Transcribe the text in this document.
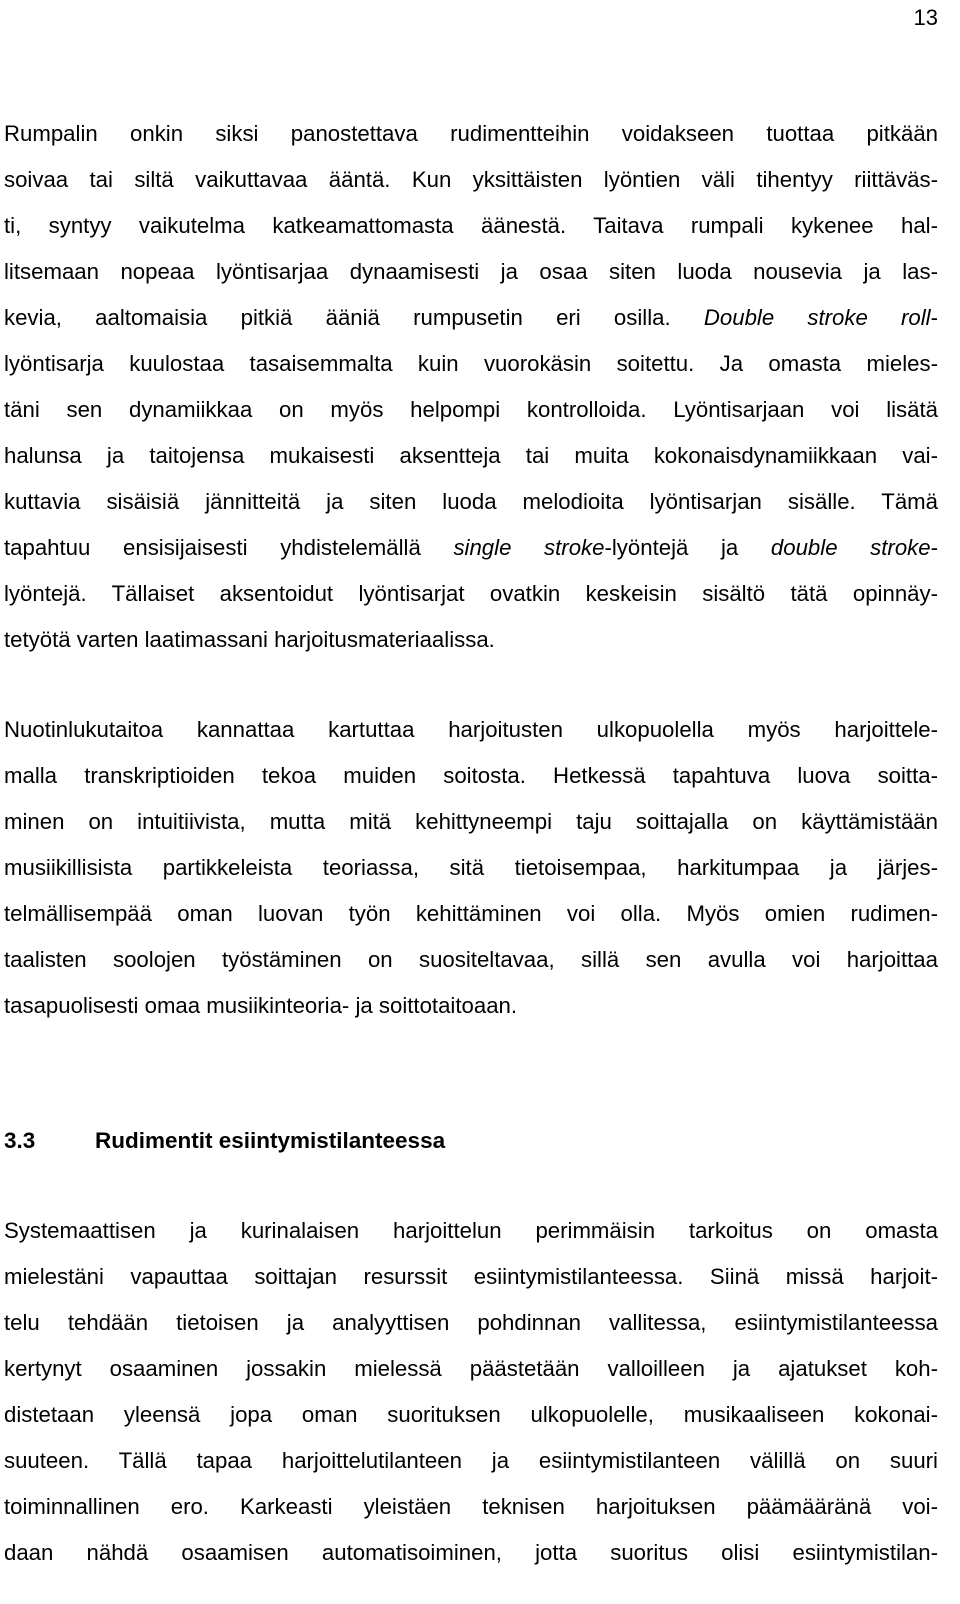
13
Rumpalin onkin siksi panostettava rudimentteihin voidakseen tuottaa pitkään
soivaa tai siltä vaikuttavaa ääntä. Kun yksittäisten lyöntien väli tihentyy riittäväs-
ti, syntyy vaikutelma katkeamattomasta äänestä. Taitava rumpali kykenee hal-
litsemaan nopeaa lyöntisarjaa dynaamisesti ja osaa siten luoda nousevia ja las-
kevia, aaltomaisia pitkiä ääniä rumpusetin eri osilla. Double stroke roll-
lyöntisarja kuulostaa tasaisemmalta kuin vuorokäsin soitettu. Ja omasta mieles-
täni sen dynamiikkaa on myös helpompi kontrolloida. Lyöntisarjaan voi lisätä
halunsa ja taitojensa mukaisesti aksentteja tai muita kokonaisdynamiikkaan vai-
kuttavia sisäisiä jännitteitä ja siten luoda melodioita lyöntisarjan sisälle. Tämä
tapahtuu ensisijaisesti yhdistelemällä single stroke-lyöntejä ja double stroke-
lyöntejä. Tällaiset aksentoidut lyöntisarjat ovatkin keskeisin sisältö tätä opinnäy-
tetyötä varten laatimassani harjoitusmateriaalissa.
Nuotinlukutaitoa kannattaa kartuttaa harjoitusten ulkopuolella myös harjoittele-
malla transkriptioiden tekoa muiden soitosta. Hetkessä tapahtuva luova soitta-
minen on intuitiivista, mutta mitä kehittyneempi taju soittajalla on käyttämistään
musiikillisista partikkeleista teoriassa, sitä tietoisempaa, harkitumpaa ja järjes-
telmällisempää oman luovan työn kehittäminen voi olla. Myös omien rudimen-
taalisten soolojen työstäminen on suositeltavaa, sillä sen avulla voi harjoittaa
tasapuolisesti omaa musiikinteoria- ja soittotaitoaan.
3.3	Rudimentit esiintymistilanteessa
Systemaattisen ja kurinalaisen harjoittelun perimmäisin tarkoitus on omasta
mielestäni vapauttaa soittajan resurssit esiintymistilanteessa. Siinä missä harjoit-
telu tehdään tietoisen ja analyyttisen pohdinnan vallitessa, esiintymistilanteessa
kertynyt osaaminen jossakin mielessä päästetään valloilleen ja ajatukset koh-
distetaan yleensä jopa oman suorituksen ulkopuolelle, musikaaliseen kokonai-
suuteen. Tällä tapaa harjoittelutilanteen ja esiintymistilanteen välillä on suuri
toiminnallinen ero. Karkeasti yleistäen teknisen harjoituksen päämääränä voi-
daan nähdä osaamisen automatisoiminen, jotta suoritus olisi esiintymistilan-
